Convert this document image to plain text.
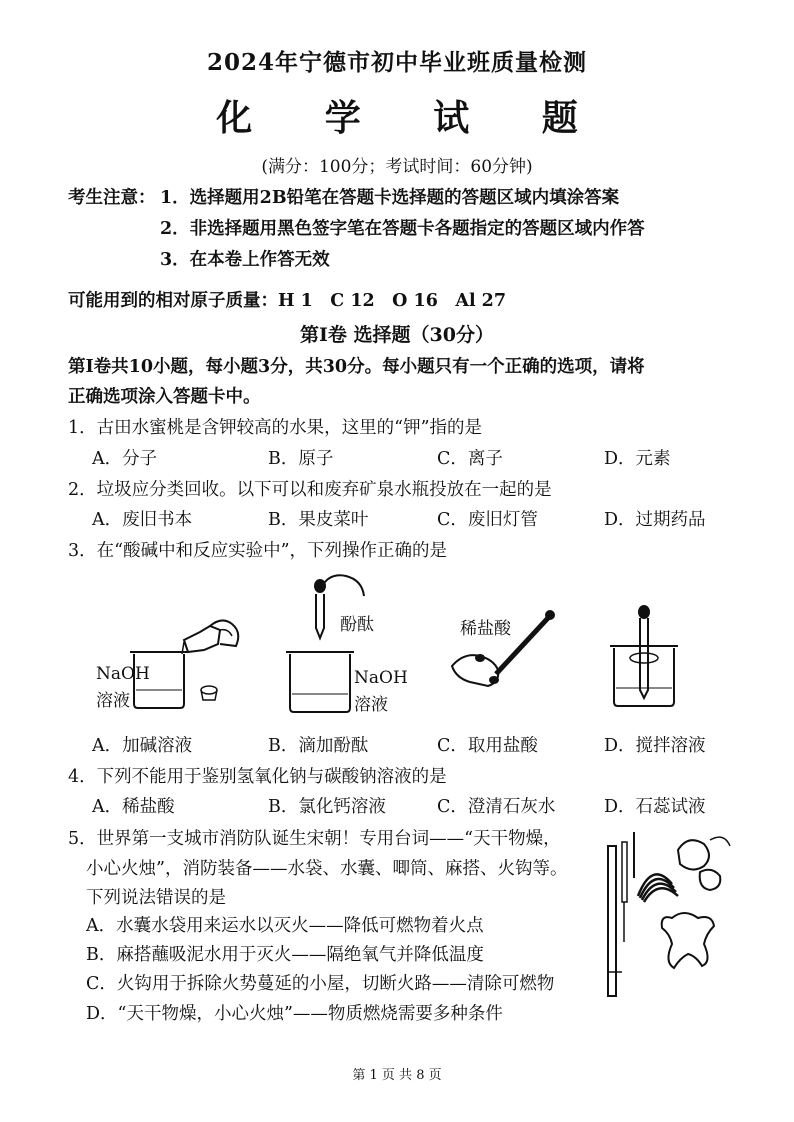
2024年宁德市初中毕业班质量检测
化 学 试 题
(满分：100分；考试时间：60分钟)
考生注意： 1．选择题用2B铅笔在答题卡选择题的答题区域内填涂答案
2．非选择题用黑色签字笔在答题卡各题指定的答题区域内作答
3．在本卷上作答无效
可能用到的相对原子质量：H 1　C 12　O 16　Al 27
第Ⅰ卷 选择题（30分）
第Ⅰ卷共10小题，每小题3分，共30分。每小题只有一个正确的选项，请将
正确选项涂入答题卡中。
1．古田水蜜桃是含钾较高的水果，这里的“钾”指的是
A．分子	B．原子	C．离子	D．元素
2．垃圾应分类回收。以下可以和废弃矿泉水瓶投放在一起的是
A．废旧书本	B．果皮菜叶	C．废旧灯管	D．过期药品
3．在“酸碱中和反应实验中”，下列操作正确的是
NaOH
溶液
酚酞
NaOH
溶液
稀盐酸
A．加碱溶液	B．滴加酚酞	C．取用盐酸	D．搅拌溶液
4．下列不能用于鉴别氢氧化钠与碳酸钠溶液的是
A．稀盐酸	B．氯化钙溶液	C．澄清石灰水	D．石蕊试液
5．世界第一支城市消防队诞生宋朝！专用台词——“天干物燥，
小心火烛”，消防装备——水袋、水囊、唧筒、麻搭、火钩等。
下列说法错误的是
A．水囊水袋用来运水以灭火——降低可燃物着火点
B．麻搭蘸吸泥水用于灭火——隔绝氧气并降低温度
C．火钩用于拆除火势蔓延的小屋，切断火路——清除可燃物
D．“天干物燥，小心火烛”——物质燃烧需要多种条件
第 1 页 共 8 页
